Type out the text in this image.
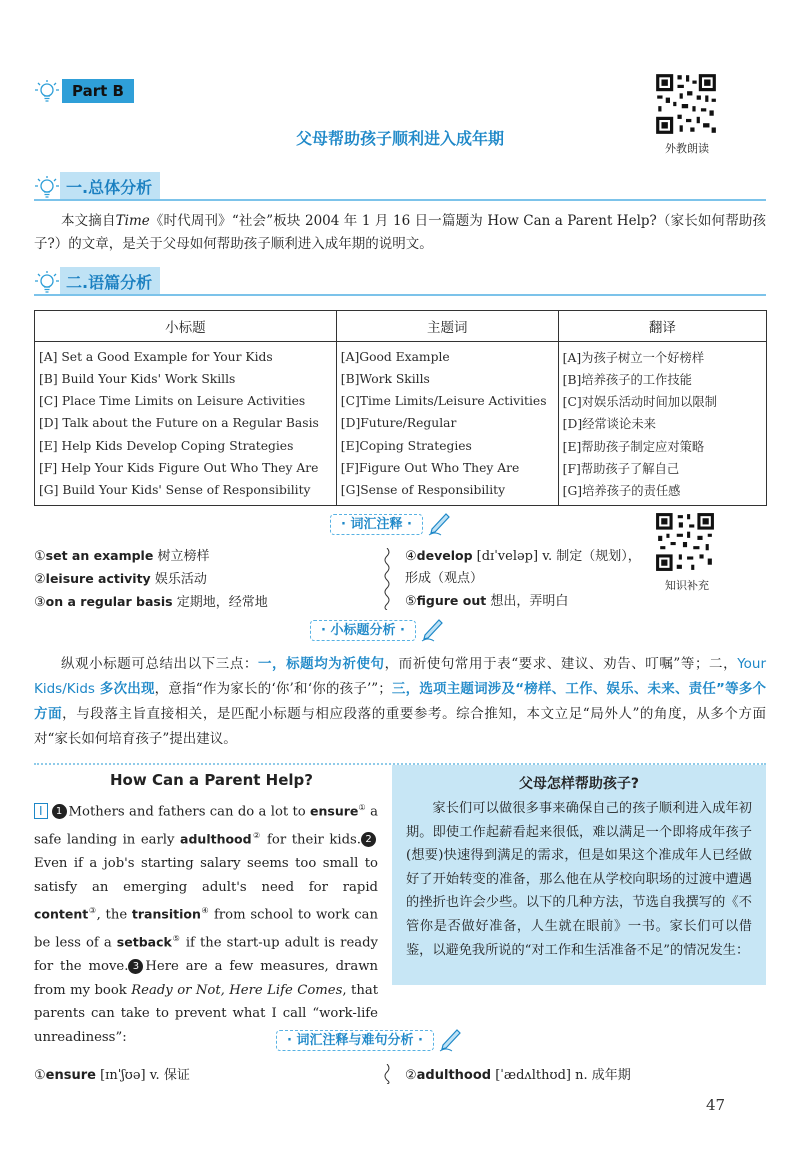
Part B
父母帮助孩子顺利进入成年期
外教朗读
一.总体分析
本文摘自Time《时代周刊》“社会”板块 2004 年 1 月 16 日一篇题为 How Can a Parent Help?（家长如何帮助孩子?）的文章，是关于父母如何帮助孩子顺利进入成年期的说明文。
二.语篇分析
小标题	主题词	翻译
[A] Set a Good Example for Your Kids	[A]Good Example	[A]为孩子树立一个好榜样
[B] Build Your Kids' Work Skills	[B]Work Skills	[B]培养孩子的工作技能
[C] Place Time Limits on Leisure Activities	[C]Time Limits/Leisure Activities	[C]对娱乐活动时间加以限制
[D] Talk about the Future on a Regular Basis	[D]Future/Regular	[D]经常谈论未来
[E] Help Kids Develop Coping Strategies	[E]Coping Strategies	[E]帮助孩子制定应对策略
[F] Help Your Kids Figure Out Who They Are	[F]Figure Out Who They Are	[F]帮助孩子了解自己
[G] Build Your Kids' Sense of Responsibility	[G]Sense of Responsibility	[G]培养孩子的责任感
· 词汇注释 ·
知识补充
①set an example 树立榜样
②leisure activity 娱乐活动
③on a regular basis 定期地，经常地
④develop [dɪˈveləp] v. 制定（规划），
形成（观点）
⑤figure out 想出，弄明白
· 小标题分析 ·
纵观小标题可总结出以下三点：一，标题均为祈使句，而祈使句常用于表“要求、建议、劝告、叮嘱”等；二，Your Kids/Kids 多次出现，意指“作为家长的‘你’和‘你的孩子’”；三，选项主题词涉及“榜样、工作、娱乐、未来、责任”等多个方面，与段落主旨直接相关，是匹配小标题与相应段落的重要参考。综合推知，本文立足“局外人”的角度，从多个方面对“家长如何培育孩子”提出建议。
How Can a Parent Help?
I 1 Mothers and fathers can do a lot to ensure① a safe landing in early adulthood② for their kids. 2Even if a job's starting salary seems too small to satisfy an emerging adult's need for rapid content③, the transition④ from school to work can be less of a setback⑤ if the start-up adult is ready for the move. 3 Here are a few measures, drawn from my book Ready or Not, Here Life Comes, that parents can take to prevent what I call “work-life unreadiness”:
父母怎样帮助孩子?
家长们可以做很多事来确保自己的孩子顺利进入成年初期。即使工作起薪看起来很低，难以满足一个即将成年孩子(想要)快速得到满足的需求，但是如果这个准成年人已经做好了开始转变的准备，那么他在从学校向职场的过渡中遭遇的挫折也许会少些。以下的几种方法，节选自我撰写的《不管你是否做好准备，人生就在眼前》一书。家长们可以借鉴，以避免我所说的“对工作和生活准备不足”的情况发生：
· 词汇注释与难句分析 ·
①ensure [ɪnˈʃʊə] v. 保证	②adulthood [ˈædʌlthʊd] n. 成年期
47
